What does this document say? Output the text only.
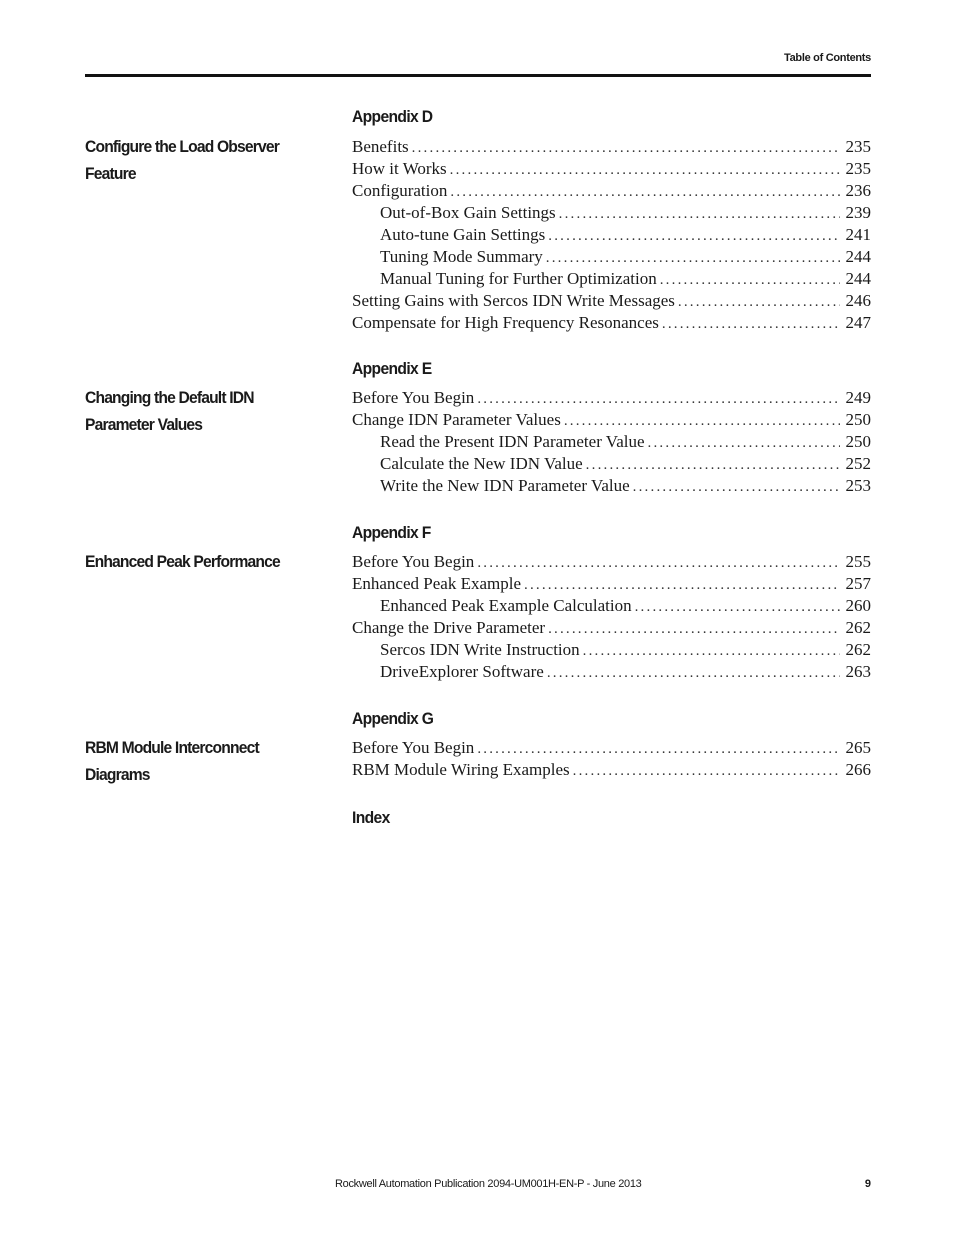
Table of Contents
Appendix D
Configure the Load Observer Feature
Benefits .....	235
How it Works .....	235
Configuration .....	236
Out-of-Box Gain Settings .....	239
Auto-tune Gain Settings .....	241
Tuning Mode Summary .....	244
Manual Tuning for Further Optimization .....	244
Setting Gains with Sercos IDN Write Messages .....	246
Compensate for High Frequency Resonances .....	247
Appendix E
Changing the Default IDN Parameter Values
Before You Begin .....	249
Change IDN Parameter Values .....	250
Read the Present IDN Parameter Value .....	250
Calculate the New IDN Value .....	252
Write the New IDN Parameter Value .....	253
Appendix F
Enhanced Peak Performance	Before You Begin .....	255
Enhanced Peak Example .....	257
Enhanced Peak Example Calculation .....	260
Change the Drive Parameter .....	262
Sercos IDN Write Instruction .....	262
DriveExplorer Software .....	263
Appendix G
RBM Module Interconnect Diagrams
Before You Begin .....	265
RBM Module Wiring Examples .....	266
Index
Rockwell Automation Publication 2094-UM001H-EN-P - June 2013	9
